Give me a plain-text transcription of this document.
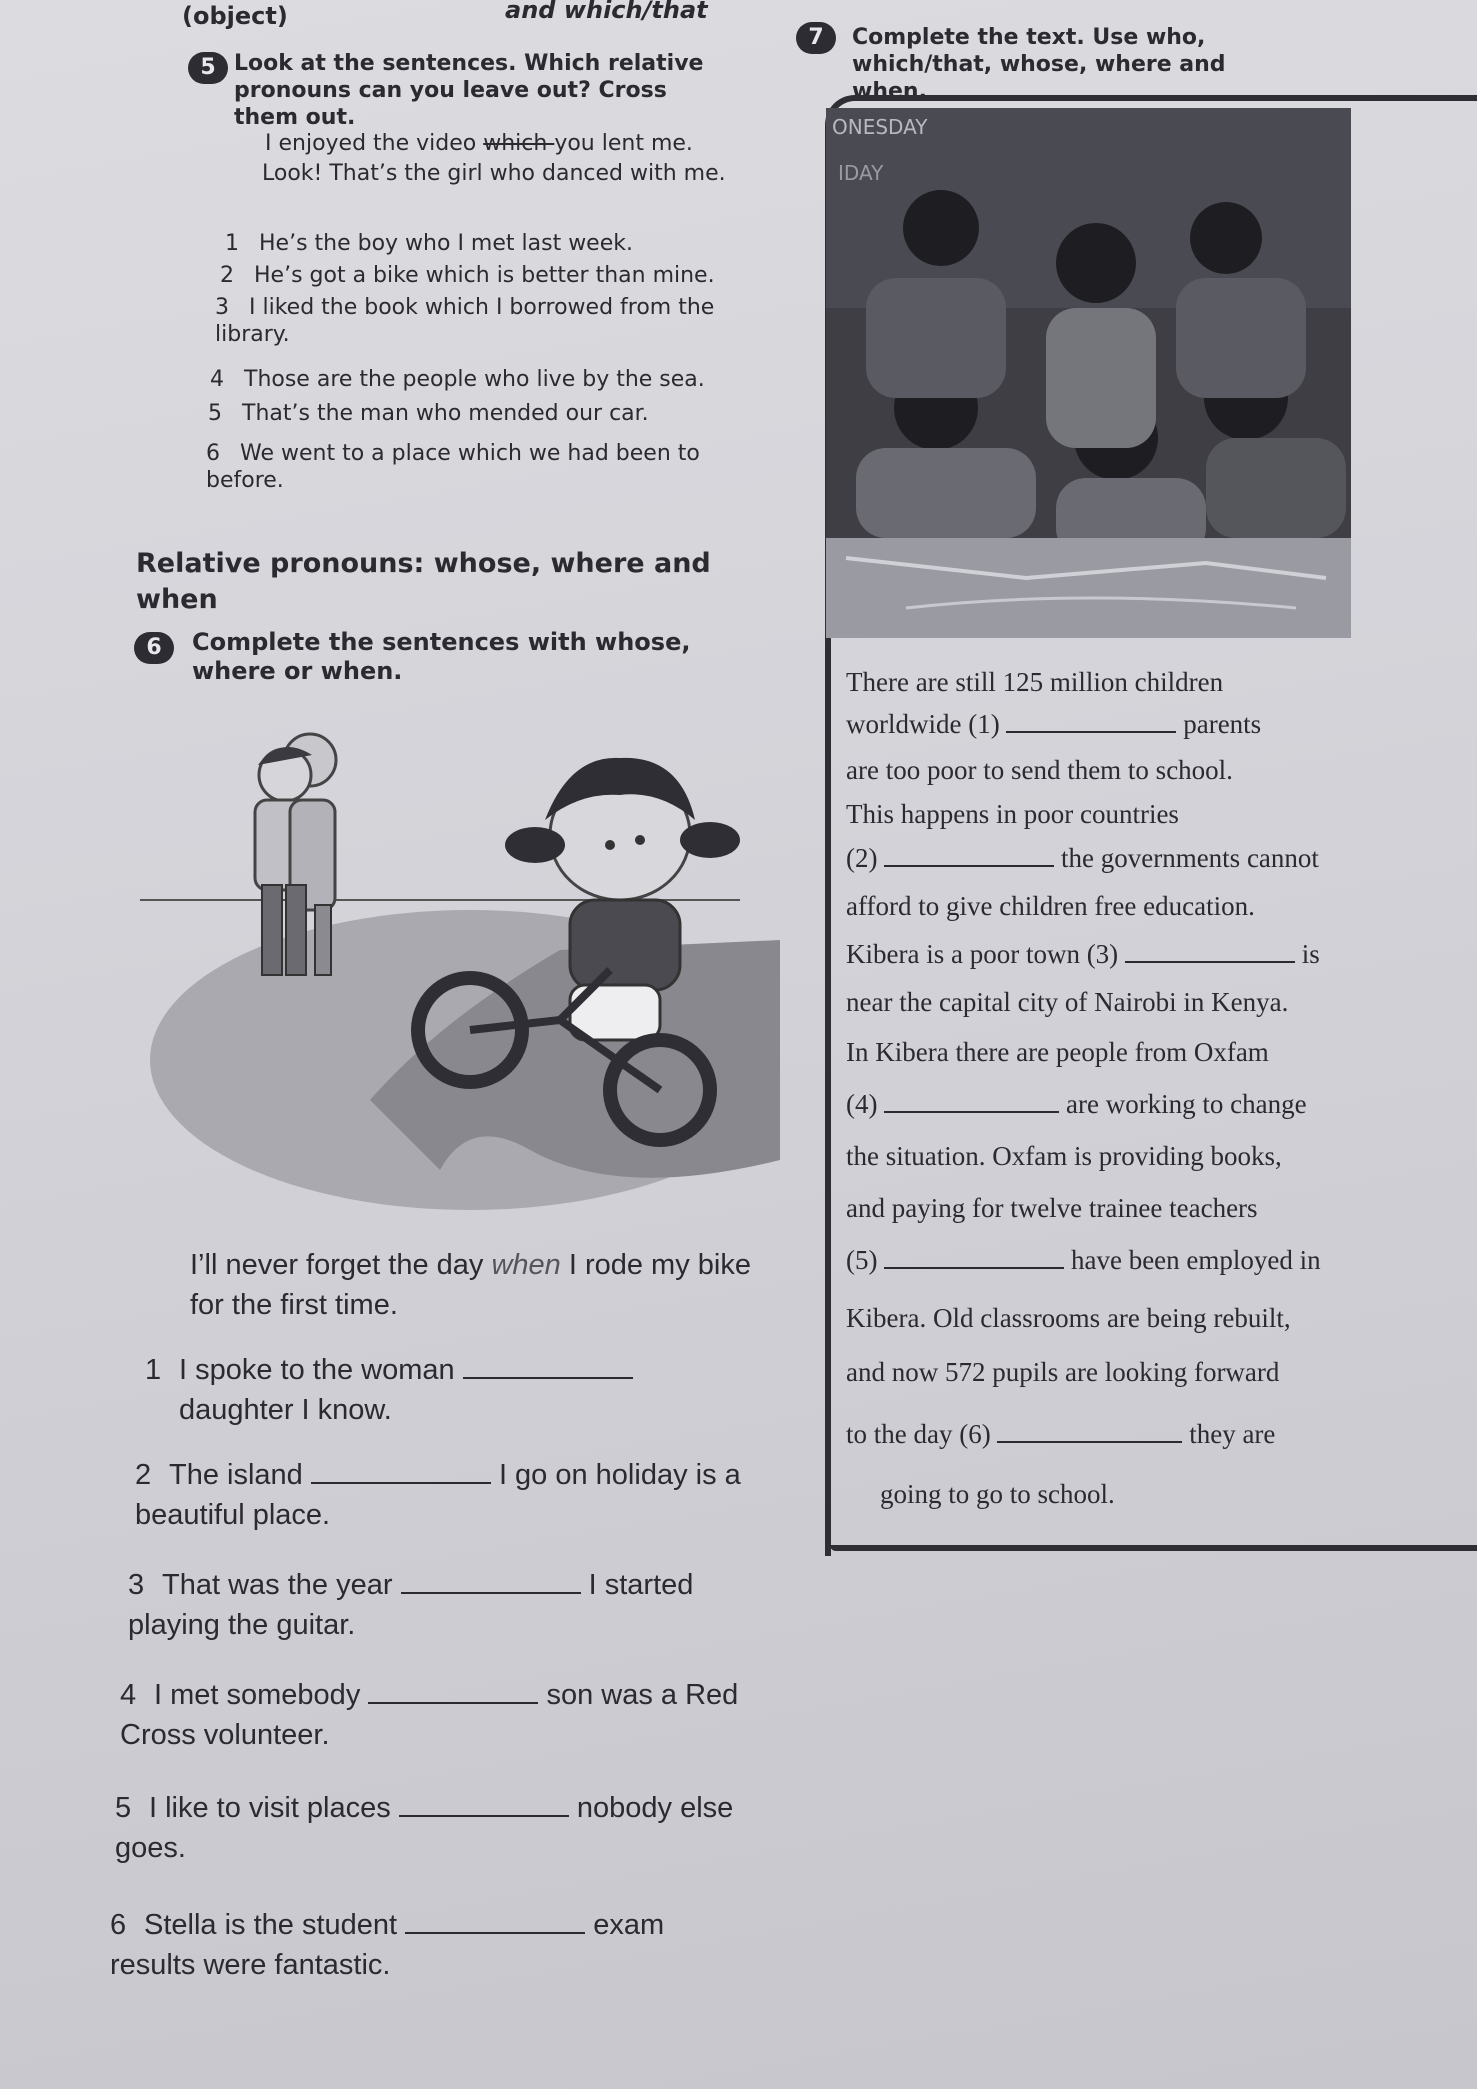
(object)	and which/that
5 Look at the sentences. Which relative pronouns can you leave out? Cross them out.
I enjoyed the video which you lent me.
Look! That’s the girl who danced with me.
1 He’s the boy who I met last week.
2 He’s got a bike which is better than mine.
3 I liked the book which I borrowed from the library.
4 Those are the people who live by the sea.
5 That’s the man who mended our car.
6 We went to a place which we had been to before.
Relative pronouns: whose, where and when
6	Complete the sentences with whose, where or when.
I’ll never forget the day when I rode my bike for the first time.
1 I spoke to the woman
daughter I know.
2 The island	I go on holiday is a beautiful place.
3 That was the year	I started playing the guitar.
4 I met somebody	son was a Red Cross volunteer.
5 I like to visit places	nobody else goes.
6 Stella is the student	exam results were fantastic.
7	Complete the text. Use who, which/that, whose, where and when.
ONESDAY
IDAY
There are still 125 million children
worldwide (1)	parents
are too poor to send them to school.
This happens in poor countries
(2)	the governments cannot
afford to give children free education.
Kibera is a poor town (3)	is
near the capital city of Nairobi in Kenya.
In Kibera there are people from Oxfam
(4)	are working to change
the situation. Oxfam is providing books,
and paying for twelve trainee teachers
(5)	have been employed in
Kibera. Old classrooms are being rebuilt,
and now 572 pupils are looking forward
to the day (6)	they are
going to go to school.
